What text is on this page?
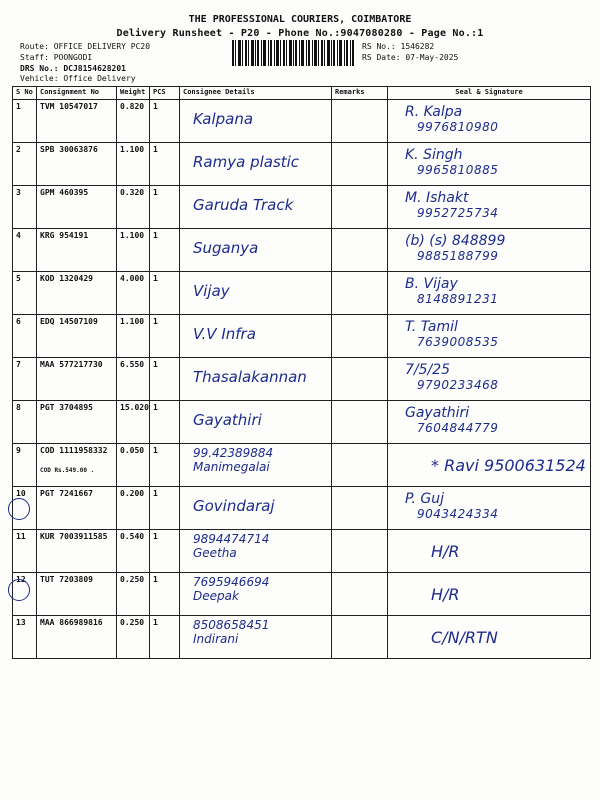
THE PROFESSIONAL COURIERS, COIMBATORE
Delivery Runsheet - P20 - Phone No.:9047080280 - Page No.:1
Route: OFFICE DELIVERY PC20
Staff: POONGODI
DRS No.: DCJ8154628201
Vehicle: Office Delivery
RS No.: 1546282
RS Date: 07-May-2025
S No	Consignment No	Weight	PCS	Consignee Details	Remarks	Seal & Signature
1	TVM 10547017	0.820	1	Kalpana		R. Kalpa
9976810980

2	SPB 30063876	1.100	1	Ramya plastic		K. Singh
9965810885

3	GPM 460395	0.320	1	Garuda Track		M. Ishakt
9952725734

4	KRG 954191	1.100	1	Suganya		(b) (s) 848899
9885188799

5	KOD 1320429	4.000	1	Vijay		B. Vijay
8148891231

6	EDQ 14507109	1.100	1	V.V Infra		T. Tamil
7639008535

7	MAA 577217730	6.550	1	Thasalakannan		7/5/25
9790233468

8	PGT 3704895	15.020	1	Gayathiri		Gayathiri
7604844779

9	COD 1111958332
COD Rs.549.00 .	0.050	1	99.42389884
Manimegalai		* Ravi 9500631524

10	PGT 7241667	0.200	1	Govindaraj		P. Guj
9043424334

11	KUR 7003911585	0.540	1	9894474714
Geetha		H/R

12	TUT 7203809	0.250	1	7695946694
Deepak		H/R

13	MAA 866989816	0.250	1	8508658451
Indirani		C/N/RTN
